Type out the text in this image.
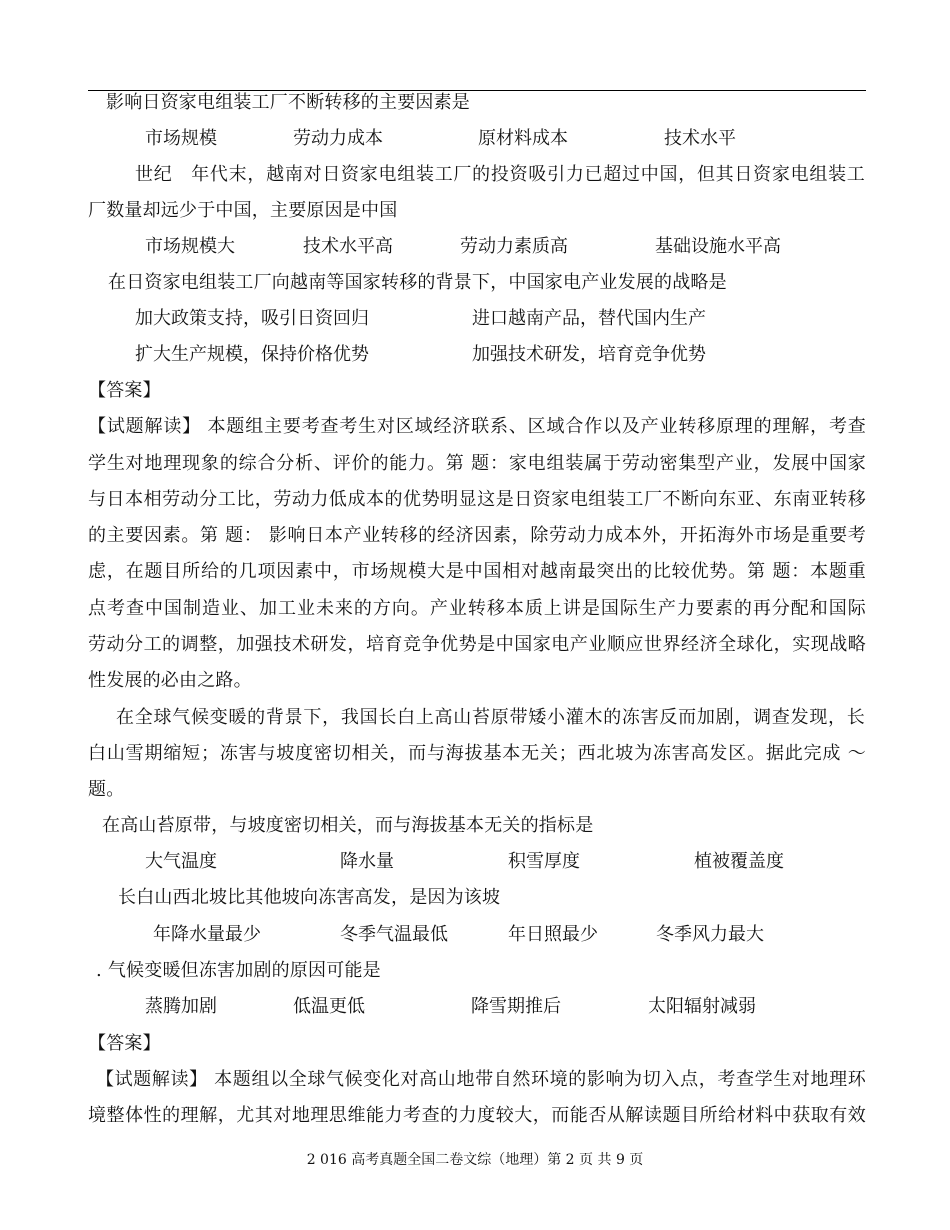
影响日资家电组装工厂不断转移的主要因素是
市场规模	劳动力成本	原材料成本	技术水平
世纪　年代末，越南对日资家电组装工厂的投资吸引力已超过中国，但其日资家电组装工
厂数量却远少于中国，主要原因是中国
市场规模大	技术水平高	劳动力素质高	基础设施水平高
在日资家电组装工厂向越南等国家转移的背景下，中国家电产业发展的战略是
加大政策支持，吸引日资回归	进口越南产品，替代国内生产
扩大生产规模，保持价格优势	加强技术研发，培育竞争优势
【答案】
【试题解读】 本题组主要考查考生对区域经济联系、区域合作以及产业转移原理的理解，考查
学生对地理现象的综合分析、评价的能力。第 题：家电组装属于劳动密集型产业，发展中国家
与日本相劳动分工比，劳动力低成本的优势明显这是日资家电组装工厂不断向东亚、东南亚转移
的主要因素。第 题： 影响日本产业转移的经济因素，除劳动力成本外，开拓海外市场是重要考
虑，在题目所给的几项因素中，市场规模大是中国相对越南最突出的比较优势。第 题：本题重
点考查中国制造业、加工业未来的方向。产业转移本质上讲是国际生产力要素的再分配和国际
劳动分工的调整，加强技术研发，培育竞争优势是中国家电产业顺应世界经济全球化，实现战略
性发展的必由之路。
在全球气候变暖的背景下，我国长白上高山苔原带矮小灌木的冻害反而加剧，调查发现，长
白山雪期缩短；冻害与坡度密切相关，而与海拔基本无关；西北坡为冻害高发区。据此完成 ～
题。
在高山苔原带，与坡度密切相关，而与海拔基本无关的指标是
大气温度	降水量	积雪厚度	植被覆盖度
长白山西北坡比其他坡向冻害高发，是因为该坡
年降水量最少	冬季气温最低	年日照最少	冬季风力最大
. 气候变暖但冻害加剧的原因可能是
蒸腾加剧	低温更低	降雪期推后	太阳辐射减弱
【答案】
【试题解读】 本题组以全球气候变化对高山地带自然环境的影响为切入点，考查学生对地理环
境整体性的理解，尤其对地理思维能力考查的力度较大，而能否从解读题目所给材料中获取有效
2 016 高考真题全国二卷文综（地理）第 2 页 共 9 页
